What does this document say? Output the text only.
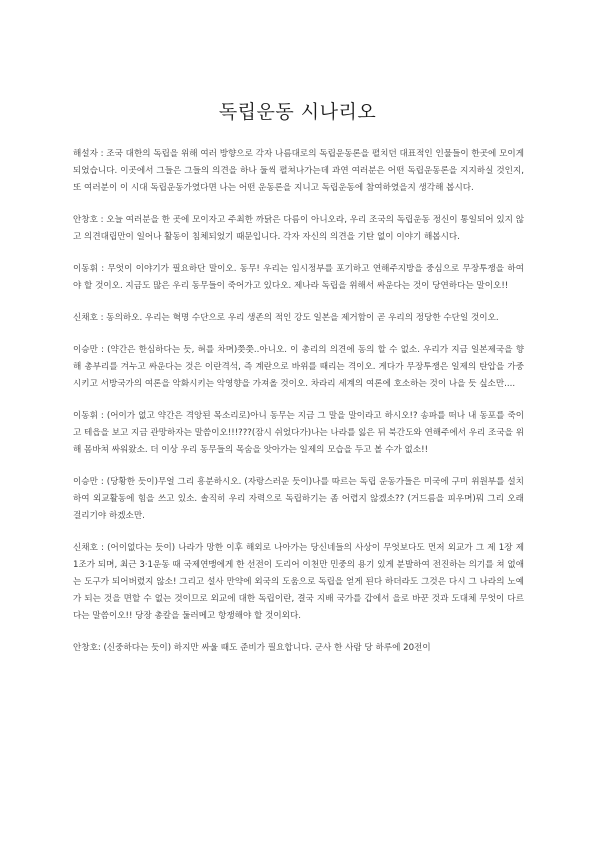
독립운동 시나리오

해설자 : 조국 대한의 독립을 위해 여러 방향으로 각자 나름대로의 독립운동론을 펼치던 대표적인 인물들이 한곳에 모이게 되었습니다. 이곳에서 그들은 그들의 의견을 하나 둘씩 펼쳐나가는데 과연 여러분은 어떤 독립운동론을 지지하실 것인지, 또 여러분이 이 시대 독립운동가였다면 나는 어떤 운동론을 지니고 독립운동에 참여하였을지 생각해 봅시다.

안창호 : 오늘 여러분을 한 곳에 모이자고 주최한 까닭은 다름이 아니오라, 우리 조국의 독립운동 정신이 통일되어 있지 않고 의견대립만이 일어나 활동이 침체되었기 때문입니다. 각자 자신의 의견을 기탄 없이 이야기 해봅시다.

이동휘 : 무엇이 이야기가 필요하단 말이오. 동무! 우리는 임시정부를 포기하고 연해주지방을 중심으로 무장투쟁을 하여야 할 것이오. 지금도 많은 우리 동무들이 죽어가고 있다오. 제나라 독립을 위해서 싸운다는 것이 당연하다는 말이오!!

신채호 : 동의하오. 우리는 혁명 수단으로 우리 생존의 적인 강도 일본을 제거함이 곧 우리의 정당한 수단일 것이오.

이승만 : (약간은 한심하다는 듯, 혀를 차며)쯧쯧..아니오. 이 총리의 의견에 동의 할 수 없소. 우리가 지금 일본제국을 향해 총부리를 겨누고 싸운다는 것은 이란격석, 즉 계란으로 바위를 때리는 격이오. 게다가 무장투쟁은 일제의 탄압을 가중시키고 서방국가의 여론을 악화시키는 악영향을 가져올 것이오. 차라리 세계의 여론에 호소하는 것이 나을 듯 싶소만....

이동휘 : (어이가 없고 약간은 격앙된 목소리로)아니 동무는 지금 그 말을 말이라고 하시오!? 송파를 떠나 내 동포를 죽이고 테읍을 보고 지금 관망하자는 말씀이오!!!???(잠시 쉬었다가)나는 나라를 잃은 뒤 북간도와 연해주에서 우리 조국을 위해 몸바쳐 싸워왔소. 더 이상 우리 동무들의 목숨을 앗아가는 일제의 모습을 두고 볼 수가 없소!!

이승만 : (당황한 듯이)무얼 그리 흥분하시오. (자랑스러운 듯이)나를 따르는 독립 운동가들은 미국에 구미 위원부를 설치하여 외교활동에 힘을 쓰고 있소. 솔직히 우리 자력으로 독립하기는 좀 어렵지 않겠소?? (거드름을 피우며)뭐 그리 오래 걸리기야 하겠소만.

신채호 : (어이없다는 듯이) 나라가 망한 이후 해외로 나아가는 당신네들의 사상이 무엇보다도 먼저 외교가 그 제 1장 제 1조가 되며, 최근 3·1운동 때 국제연맹에게 한 선전이 도리어 이천만 민중의 용기 있게 분발하여 전진하는 의기를 쳐 없애는 도구가 되어버렸지 않소! 그리고 설사 만약에 외국의 도움으로 독립을 얻게 된다 하더라도 그것은 다시 그 나라의 노예가 되는 것을 면할 수 없는 것이므로 외교에 대한 독립이란, 결국 지배 국가를 갑에서 을로 바꾼 것과 도대체 무엇이 다르다는 말씀이오!! 당장 총칼을 둘러메고 항쟁해야 할 것이외다.

안창호: (신중하다는 듯이) 하지만 싸울 때도 준비가 필요합니다. 군사 한 사람 당 하루에 20전이
